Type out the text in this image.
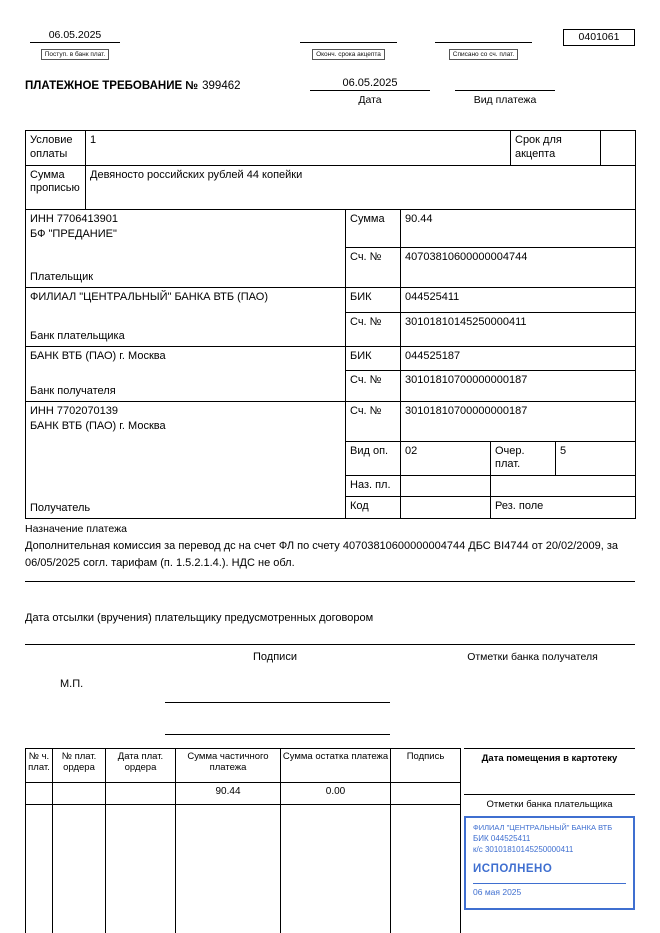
06.05.2025
Поступ. в банк плат.	Оконч. срока акцепта	Списано со сч. плат.
0401061
ПЛАТЕЖНОЕ ТРЕБОВАНИЕ № 399462	06.05.2025
Дата	Вид платежа
Условие оплаты	1	Срок для акцепта	
Сумма прописью	Девяносто российских рублей 44 копейки		
ИНН 7706413901
БФ "ПРЕДАНИЕ"
Плательщик	Сумма	90.44		
	Сч. №	40703810600000004744		

ФИЛИАЛ "ЦЕНТРАЛЬНЫЙ" БАНКА ВТБ (ПАО)
Банк плательщика	БИК	044525411		
	Сч. №	30101810145250000411		

БАНК ВТБ (ПАО) г. Москва
Банк получателя	БИК	044525187		
	Сч. №	30101810700000000187		

ИНН 7702070139
БАНК ВТБ (ПАО) г. Москва
Получатель	Сч. №	30101810700000000187		
	Вид оп.	02	Очер. плат.	5
	Наз. пл.			
	Код		Рез. поле	
Назначение платежа
Дополнительная комиссия за перевод дс на счет ФЛ по счету 40703810600000004744 ДБС BI4744 от 20/02/2009, за 06/05/2025 согл. тарифам (п. 1.5.2.1.4.). НДС не обл.
Дата отсылки (вручения) плательщику предусмотренных договором
Подписи	Отметки банка получателя
М.П.
№ ч. плат.	№ плат. ордера	Дата плат. ордера	Сумма частичного платежа	Сумма остатка платежа	Подпись
			90.44	0.00	

Дата помещения в картотеку
Отметки банка плательщика
ФИЛИАЛ "ЦЕНТРАЛЬНЫЙ" БАНКА ВТБ
БИК 044525411
к/с 30101810145250000411
ИСПОЛНЕНО
06 мая 2025
